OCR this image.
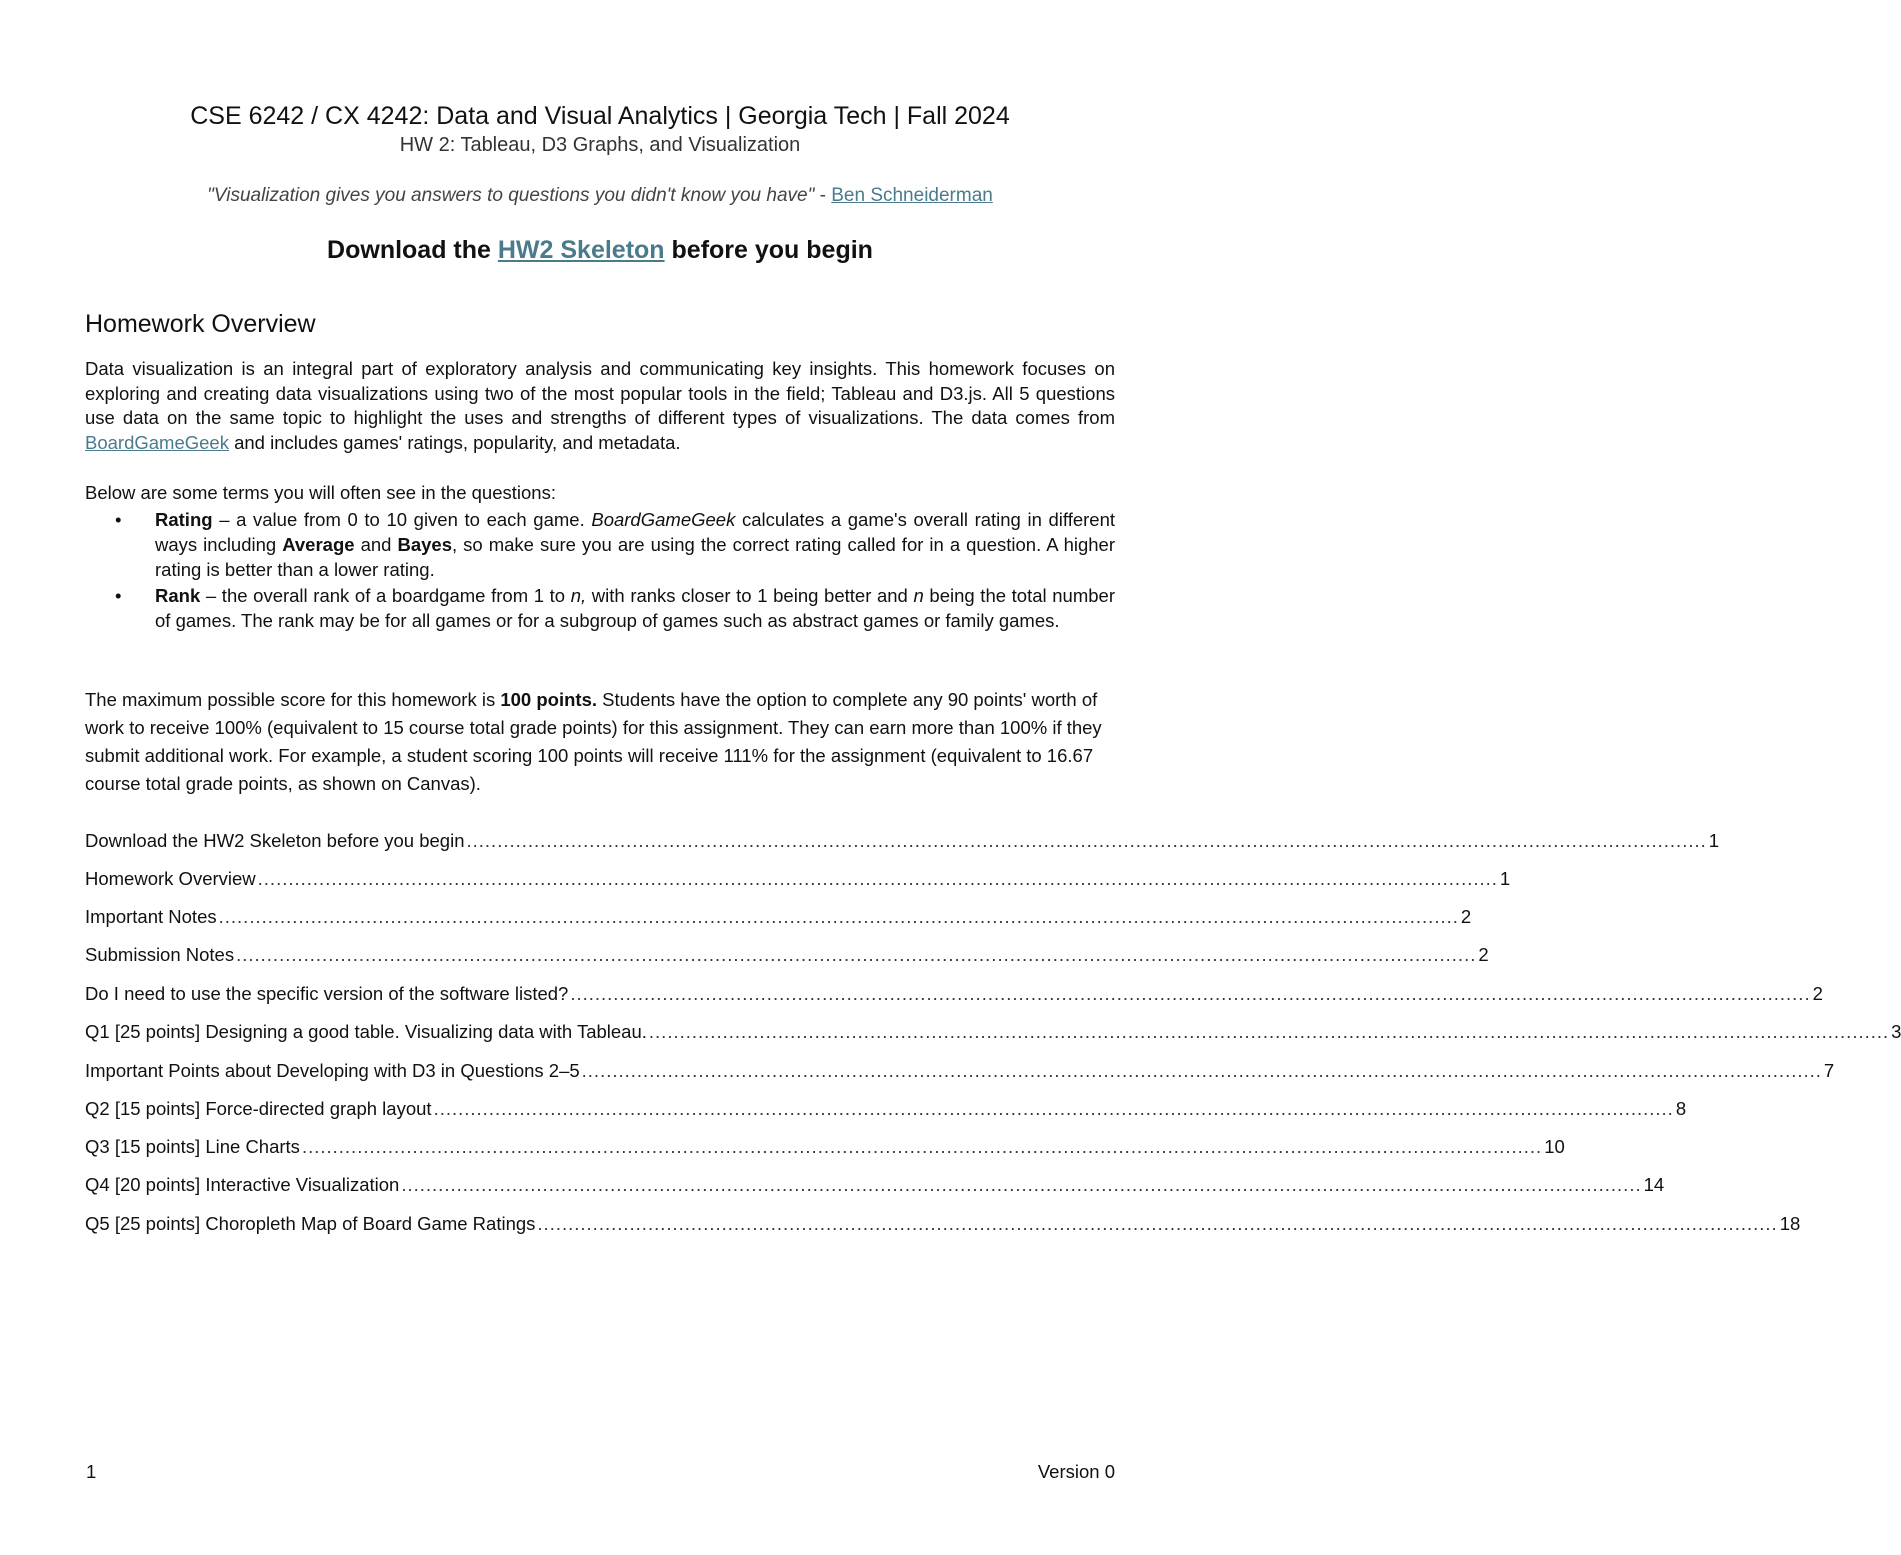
CSE 6242 / CX 4242: Data and Visual Analytics | Georgia Tech | Fall 2024
HW 2: Tableau, D3 Graphs, and Visualization
"Visualization gives you answers to questions you didn't know you have" - Ben Schneiderman
Download the HW2 Skeleton before you begin
Homework Overview
Data visualization is an integral part of exploratory analysis and communicating key insights. This homework focuses on exploring and creating data visualizations using two of the most popular tools in the field; Tableau and D3.js. All 5 questions use data on the same topic to highlight the uses and strengths of different types of visualizations. The data comes from BoardGameGeek and includes games' ratings, popularity, and metadata.
Below are some terms you will often see in the questions:
• Rating – a value from 0 to 10 given to each game. BoardGameGeek calculates a game's overall rating in different ways including Average and Bayes, so make sure you are using the correct rating called for in a question. A higher rating is better than a lower rating.
• Rank – the overall rank of a boardgame from 1 to n, with ranks closer to 1 being better and n being the total number of games. The rank may be for all games or for a subgroup of games such as abstract games or family games.
The maximum possible score for this homework is 100 points. Students have the option to complete any 90 points' worth of work to receive 100% (equivalent to 15 course total grade points) for this assignment. They can earn more than 100% if they submit additional work. For example, a student scoring 100 points will receive 111% for the assignment (equivalent to 16.67 course total grade points, as shown on Canvas).
Download the HW2 Skeleton before you begin .......................................................................................................................................................................................................... 1
Homework Overview .......................................................................................................................................................................................................... 1
Important Notes .......................................................................................................................................................................................................... 2
Submission Notes .......................................................................................................................................................................................................... 2
Do I need to use the specific version of the software listed? .......................................................................................................................................................................................................... 2
Q1 [25 points] Designing a good table. Visualizing data with Tableau. .......................................................................................................................................................................................................... 3
Important Points about Developing with D3 in Questions 2–5 .......................................................................................................................................................................................................... 7
Q2 [15 points] Force-directed graph layout .......................................................................................................................................................................................................... 8
Q3 [15 points] Line Charts .......................................................................................................................................................................................................... 10
Q4 [20 points] Interactive Visualization .......................................................................................................................................................................................................... 14
Q5 [25 points] Choropleth Map of Board Game Ratings .......................................................................................................................................................................................................... 18
1	Version 0
